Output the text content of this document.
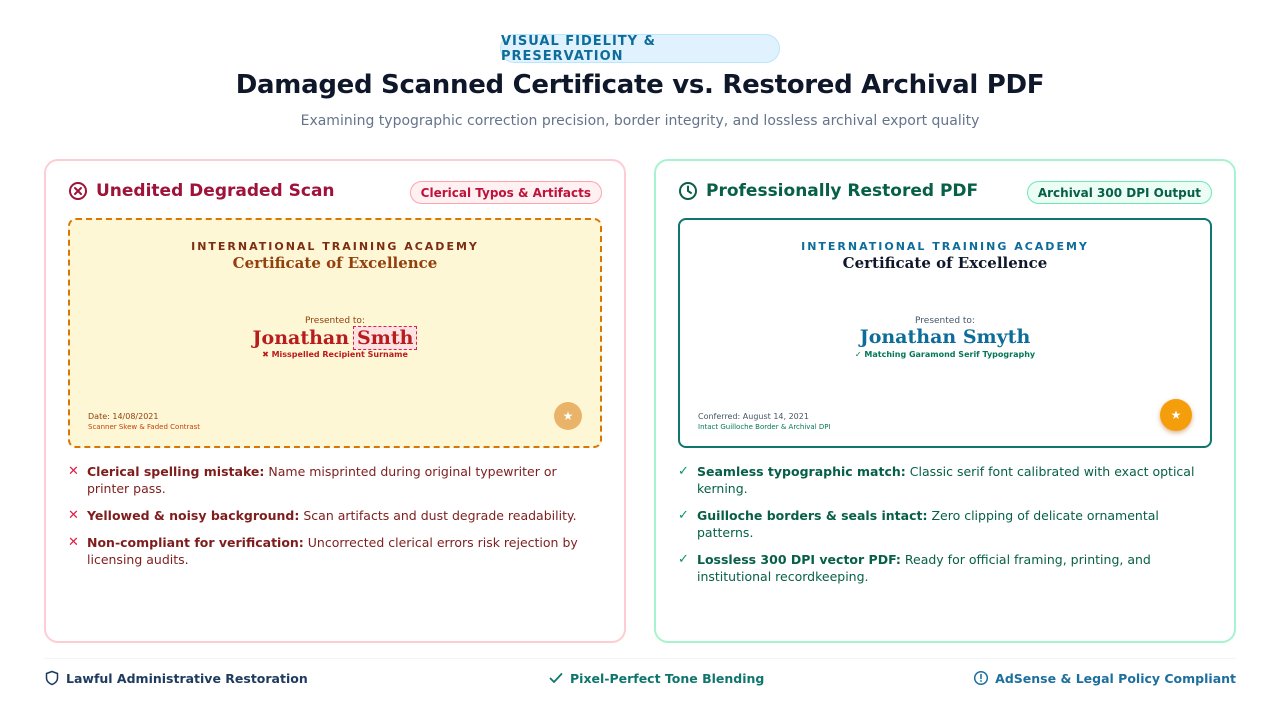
VISUAL FIDELITY & PRESERVATION
Damaged Scanned Certificate vs. Restored Archival PDF
Examining typographic correction precision, border integrity, and lossless archival export quality
Unedited Degraded Scan	Clerical Typos & Artifacts
INTERNATIONAL TRAINING ACADEMY
Certificate of Excellence
Presented to:
Jonathan Smth
✖ Misspelled Recipient Surname
Date: 14/08/2021
Scanner Skew & Faded Contrast
★
✕ Clerical spelling mistake: Name misprinted during original typewriter or printer pass.
✕ Yellowed & noisy background: Scan artifacts and dust degrade readability.
✕ Non-compliant for verification: Uncorrected clerical errors risk rejection by licensing audits.
Professionally Restored PDF	Archival 300 DPI Output
INTERNATIONAL TRAINING ACADEMY
Certificate of Excellence
Presented to:
Jonathan Smyth
✓ Matching Garamond Serif Typography
Conferred: August 14, 2021
Intact Guilloche Border & Archival DPI
★
✓ Seamless typographic match: Classic serif font calibrated with exact optical kerning.
✓ Guilloche borders & seals intact: Zero clipping of delicate ornamental patterns.
✓ Lossless 300 DPI vector PDF: Ready for official framing, printing, and institutional recordkeeping.
Lawful Administrative Restoration	Pixel-Perfect Tone Blending	AdSense & Legal Policy Compliant
